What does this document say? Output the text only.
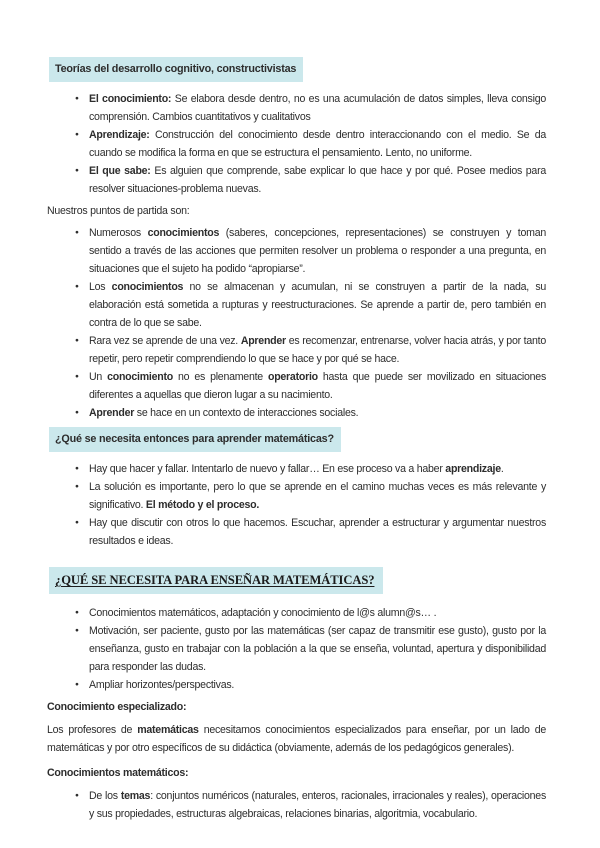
Teorías del desarrollo cognitivo, constructivistas
● El conocimiento: Se elabora desde dentro, no es una acumulación de datos simples, lleva consigo comprensión. Cambios cuantitativos y cualitativos
● Aprendizaje: Construcción del conocimiento desde dentro interaccionando con el medio. Se da cuando se modifica la forma en que se estructura el pensamiento. Lento, no uniforme.
● El que sabe: Es alguien que comprende, sabe explicar lo que hace y por qué. Posee medios para resolver situaciones-problema nuevas.

Nuestros puntos de partida son:

● Numerosos conocimientos (saberes, concepciones, representaciones) se construyen y toman sentido a través de las acciones que permiten resolver un problema o responder a una pregunta, en situaciones que el sujeto ha podido “apropiarse”.
● Los conocimientos no se almacenan y acumulan, ni se construyen a partir de la nada, su elaboración está sometida a rupturas y reestructuraciones. Se aprende a partir de, pero también en contra de lo que se sabe.
● Rara vez se aprende de una vez. Aprender es recomenzar, entrenarse, volver hacia atrás, y por tanto repetir, pero repetir comprendiendo lo que se hace y por qué se hace.
● Un conocimiento no es plenamente operatorio hasta que puede ser movilizado en situaciones diferentes a aquellas que dieron lugar a su nacimiento.
● Aprender se hace en un contexto de interacciones sociales.
¿Qué se necesita entonces para aprender matemáticas?
● Hay que hacer y fallar. Intentarlo de nuevo y fallar… En ese proceso va a haber aprendizaje.
● La solución es importante, pero lo que se aprende en el camino muchas veces es más relevante y significativo. El método y el proceso.
● Hay que discutir con otros lo que hacemos. Escuchar, aprender a estructurar y argumentar nuestros resultados e ideas.
¿QUÉ SE NECESITA PARA ENSEÑAR MATEMÁTICAS?
● Conocimientos matemáticos, adaptación y conocimiento de l@s alumn@s… .
● Motivación, ser paciente, gusto por las matemáticas (ser capaz de transmitir ese gusto), gusto por la enseñanza, gusto en trabajar con la población a la que se enseña, voluntad, apertura y disponibilidad para responder las dudas.
● Ampliar horizontes/perspectivas.

Conocimiento especializado:

Los profesores de matemáticas necesitamos conocimientos especializados para enseñar, por un lado de matemáticas y por otro específicos de su didáctica (obviamente, además de los pedagógicos generales).

Conocimientos matemáticos:

● De los temas: conjuntos numéricos (naturales, enteros, racionales, irracionales y reales), operaciones y sus propiedades, estructuras algebraicas, relaciones binarias, algoritmia, vocabulario.
